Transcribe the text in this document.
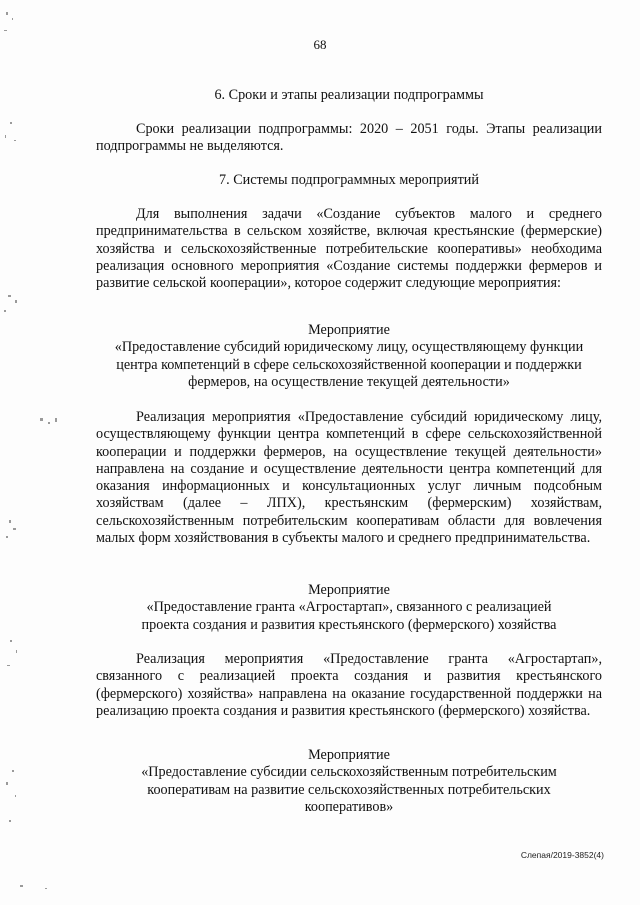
68
6. Сроки и этапы реализации подпрограммы
Сроки реализации подпрограммы: 2020 – 2051 годы. Этапы реализации подпрограммы не выделяются.
7. Системы подпрограммных мероприятий
Для выполнения задачи «Создание субъектов малого и среднего предпринимательства в сельском хозяйстве, включая крестьянские (фермерские) хозяйства и сельскохозяйственные потребительские кооперативы» необходима реализация основного мероприятия «Создание системы поддержки фермеров и развитие сельской кооперации», которое содержит следующие мероприятия:
Мероприятие
«Предоставление субсидий юридическому лицу, осуществляющему функции центра компетенций в сфере сельскохозяйственной кооперации и поддержки фермеров, на осуществление текущей деятельности»
Реализация мероприятия «Предоставление субсидий юридическому лицу, осуществляющему функции центра компетенций в сфере сельскохозяйственной кооперации и поддержки фермеров, на осуществление текущей деятельности» направлена на создание и осуществление деятельности центра компетенций для оказания информационных и консультационных услуг личным подсобным хозяйствам (далее – ЛПХ), крестьянским (фермерским) хозяйствам, сельскохозяйственным потребительским кооперативам области для вовлечения малых форм хозяйствования в субъекты малого и среднего предпринимательства.
Мероприятие
«Предоставление гранта «Агростартап», связанного с реализацией проекта создания и развития крестьянского (фермерского) хозяйства
Реализация мероприятия «Предоставление гранта «Агростартап», связанного с реализацией проекта создания и развития крестьянского (фермерского) хозяйства» направлена на оказание государственной поддержки на реализацию проекта создания и развития крестьянского (фермерского) хозяйства.
Мероприятие
«Предоставление субсидии сельскохозяйственным потребительским кооперативам на развитие сельскохозяйственных потребительских кооперативов»
Слепая/2019-3852(4)
